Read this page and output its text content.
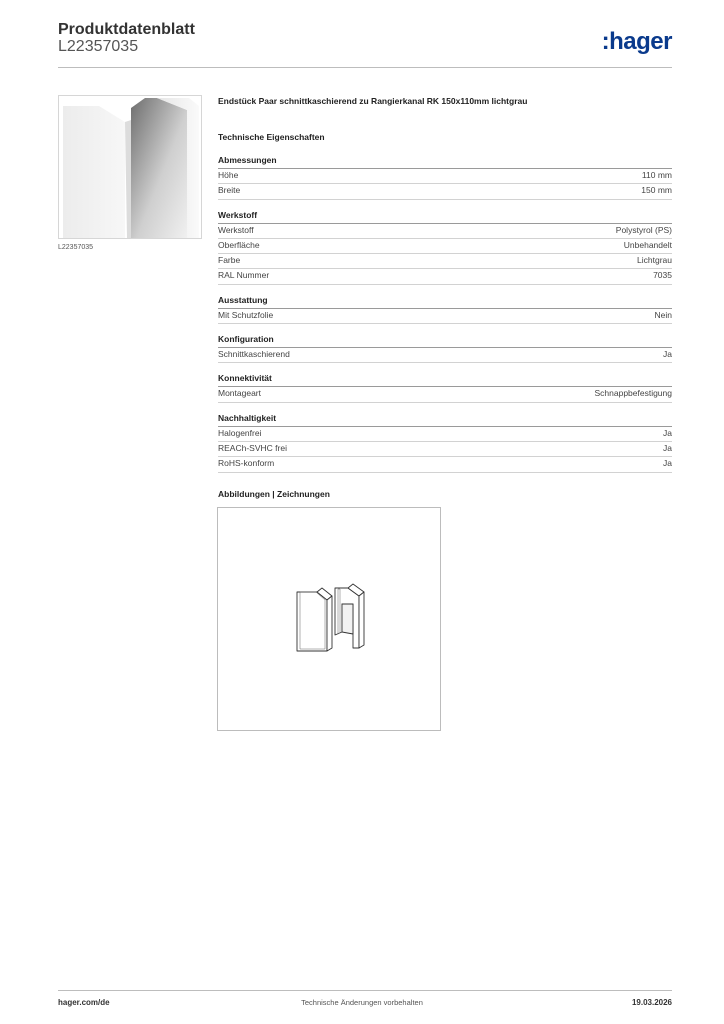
Produktdatenblatt
L22357035	:hager
L22357035
Endstück Paar schnittkaschierend zu Rangierkanal RK 150x110mm lichtgrau
Technische Eigenschaften
Abmessungen
Höhe	110 mm
Breite	150 mm
Werkstoff
Werkstoff	Polystyrol (PS)
Oberfläche	Unbehandelt
Farbe	Lichtgrau
RAL Nummer	7035
Ausstattung
Mit Schutzfolie	Nein
Konfiguration
Schnittkaschierend	Ja
Konnektivität
Montageart	Schnappbefestigung
Nachhaltigkeit
Halogenfrei	Ja
REACh-SVHC frei	Ja
RoHS-konform	Ja
Abbildungen | Zeichnungen
hager.com/de	Technische Änderungen vorbehalten	19.03.2026
